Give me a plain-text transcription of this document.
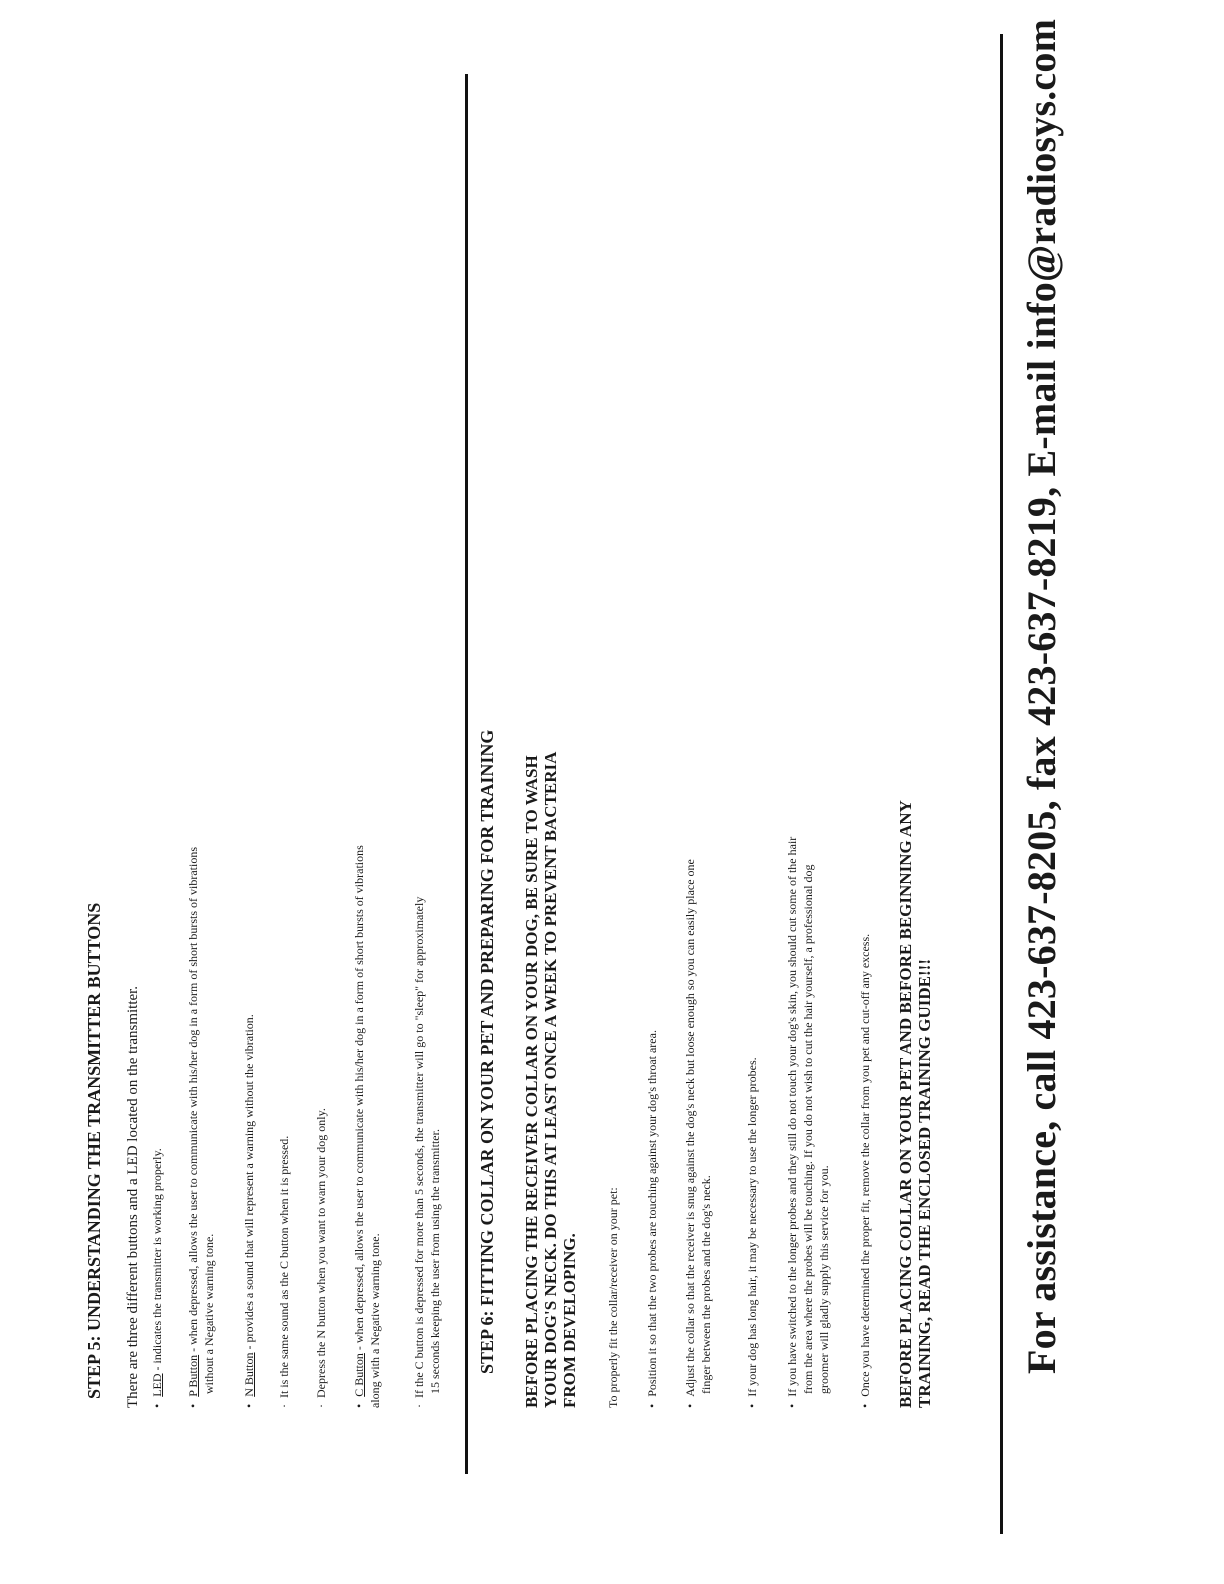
STEP 5: UNDERSTANDING THE TRANSMITTER BUTTONS There are three different buttons and a LED located on the transmitter. • LED - indicates the transmitter is working properly.
• P Button - when depressed, allows the user to communicate with his/her dog in a form of short bursts of vibrations without a Negative warning tone. • N Button - provides a sound that will represent a warning without the vibration. · It is the same sound as the C button when it is pressed. · Depress the N button when you want to warn your dog only. • C Button - when depressed, allows the user to communicate with his/her dog in a form of short bursts of vibrations along with a Negative warning tone.	· If the C button is depressed for more than 5 seconds, the transmitter will go to "sleep" for approximately 15 seconds keeping the user from using the transmitter. STEP 6: FITTING COLLAR ON YOUR PET AND PREPARING FOR TRAINING BEFORE PLACING THE RECEIVER COLLAR ON YOUR DOG, BE SURE TO WASH YOUR DOG'S NECK. DO THIS AT LEAST ONCE A WEEK TO PREVENT BACTERIA FROM DEVELOPING. To properly fit the collar/receiver on your pet: • Position it so that the two probes are touching against your dog's throat area. • Adjust the collar so that the receiver is snug against the dog's neck but loose enough so you can easily place one finger between the probes and the dog's neck.	• If your dog has long hair, it may be necessary to use the longer probes. • If you have switched to the longer probes and they still do not touch your dog's skin, you should cut some of the hair from the area where the probes will be touching. If you do not wish to cut the hair yourself, a professional dog groomer will gladly supply this service for you. • Once you have determined the proper fit, remove the collar from you pet and cut-off any excess. BEFORE PLACING COLLAR ON YOUR PET AND BEFORE BEGINNING ANY TRAINING, READ THE ENCLOSED TRAINING GUIDE!!! For assistance, call 423-637-8205, fax 423-637-8219, E-mail info@radiosys.com
